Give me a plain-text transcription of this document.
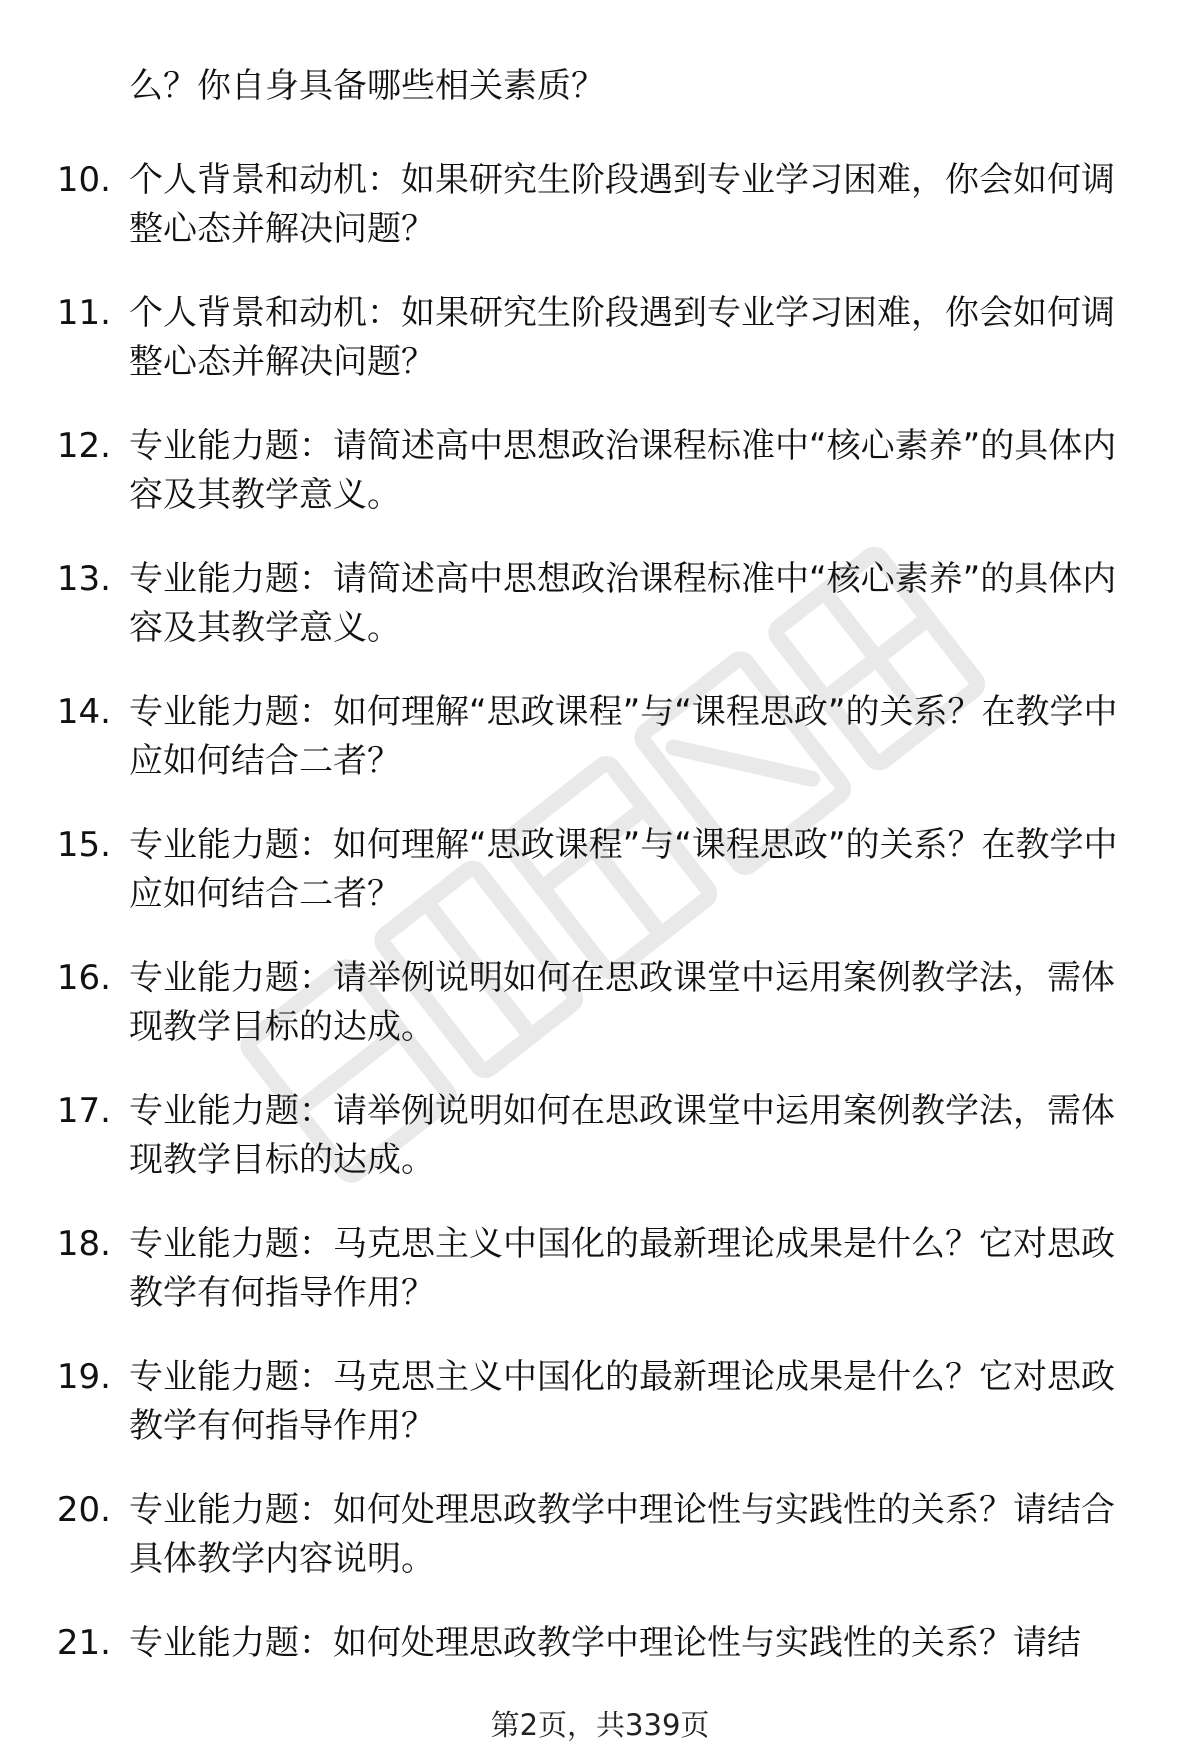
么？你自身具备哪些相关素质？

10. 个人背景和动机：如果研究生阶段遇到专业学习困难，你会如何调整心态并解决问题？
11. 个人背景和动机：如果研究生阶段遇到专业学习困难，你会如何调整心态并解决问题？
12. 专业能力题：请简述高中思想政治课程标准中“核心素养”的具体内容及其教学意义。
13. 专业能力题：请简述高中思想政治课程标准中“核心素养”的具体内容及其教学意义。
14. 专业能力题：如何理解“思政课程”与“课程思政”的关系？在教学中应如何结合二者？
15. 专业能力题：如何理解“思政课程”与“课程思政”的关系？在教学中应如何结合二者？
16. 专业能力题：请举例说明如何在思政课堂中运用案例教学法，需体现教学目标的达成。
17. 专业能力题：请举例说明如何在思政课堂中运用案例教学法，需体现教学目标的达成。
18. 专业能力题：马克思主义中国化的最新理论成果是什么？它对思政教学有何指导作用？
19. 专业能力题：马克思主义中国化的最新理论成果是什么？它对思政教学有何指导作用？
20. 专业能力题：如何处理思政教学中理论性与实践性的关系？请结合具体教学内容说明。
21. 专业能力题：如何处理思政教学中理论性与实践性的关系？请结
第2页，共339页
